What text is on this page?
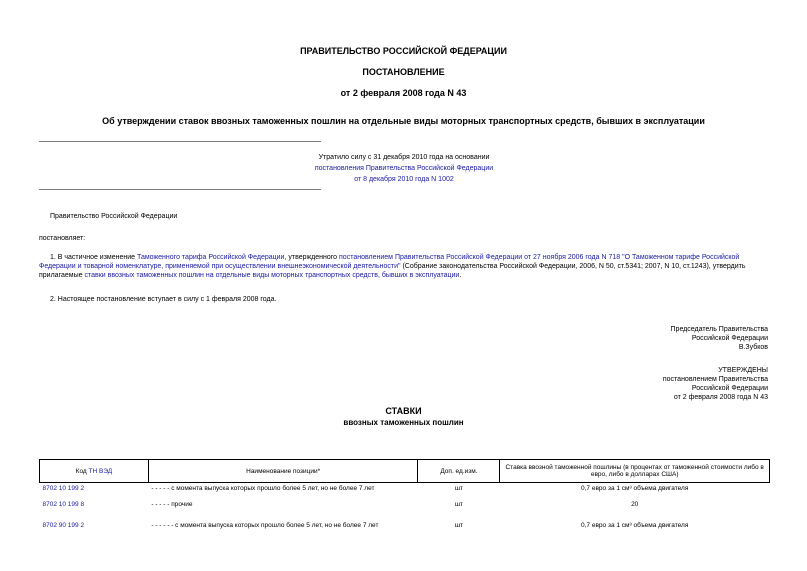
ПРАВИТЕЛЬСТВО РОССИЙСКОЙ ФЕДЕРАЦИИ
ПОСТАНОВЛЕНИЕ
от 2 февраля 2008 года N 43
Об утверждении ставок ввозных таможенных пошлин на отдельные виды моторных транспортных средств, бывших в эксплуатации
Утратило силу с 31 декабря 2010 года на основании
постановления Правительства Российской Федерации
от 8 декабря 2010 года N 1002
Правительство Российской Федерации
постановляет:
1. В частичное изменение Таможенного тарифа Российской Федерации, утвержденного постановлением Правительства Российской Федерации от 27 ноября 2006 года N 718 "О Таможенном тарифе Российской Федерации и товарной номенклатуре, применяемой при осуществлении внешнеэкономической деятельности" (Собрание законодательства Российской Федерации, 2006, N 50, ст.5341; 2007, N 10, ст.1243), утвердить прилагаемые ставки ввозных таможенных пошлин на отдельные виды моторных транспортных средств, бывших в эксплуатации.
2. Настоящее постановление вступает в силу с 1 февраля 2008 года.
Председатель Правительства
Российской Федерации
В.Зубков
УТВЕРЖДЕНЫ
постановлением Правительства
Российской Федерации
от 2 февраля 2008 года N 43
СТАВКИ
ввозных таможенных пошлин
Код ТН ВЭД	Наименование позиции*	Доп. ед.изм.	Ставка ввозной таможенной пошлины (в процентах от таможенной стоимости либо в евро, либо в долларах США)
8702 10 199 2	- - - - - с момента выпуска которых прошло более 5 лет, но не более 7 лет	шт	0,7 евро за 1 см³ объема двигателя
8702 10 199 8	- - - - - прочие	шт	20
8702 90 199 2	- - - - - - с момента выпуска которых прошло более 5 лет, но не более 7 лет	шт	0,7 евро за 1 см³ объема двигателя
